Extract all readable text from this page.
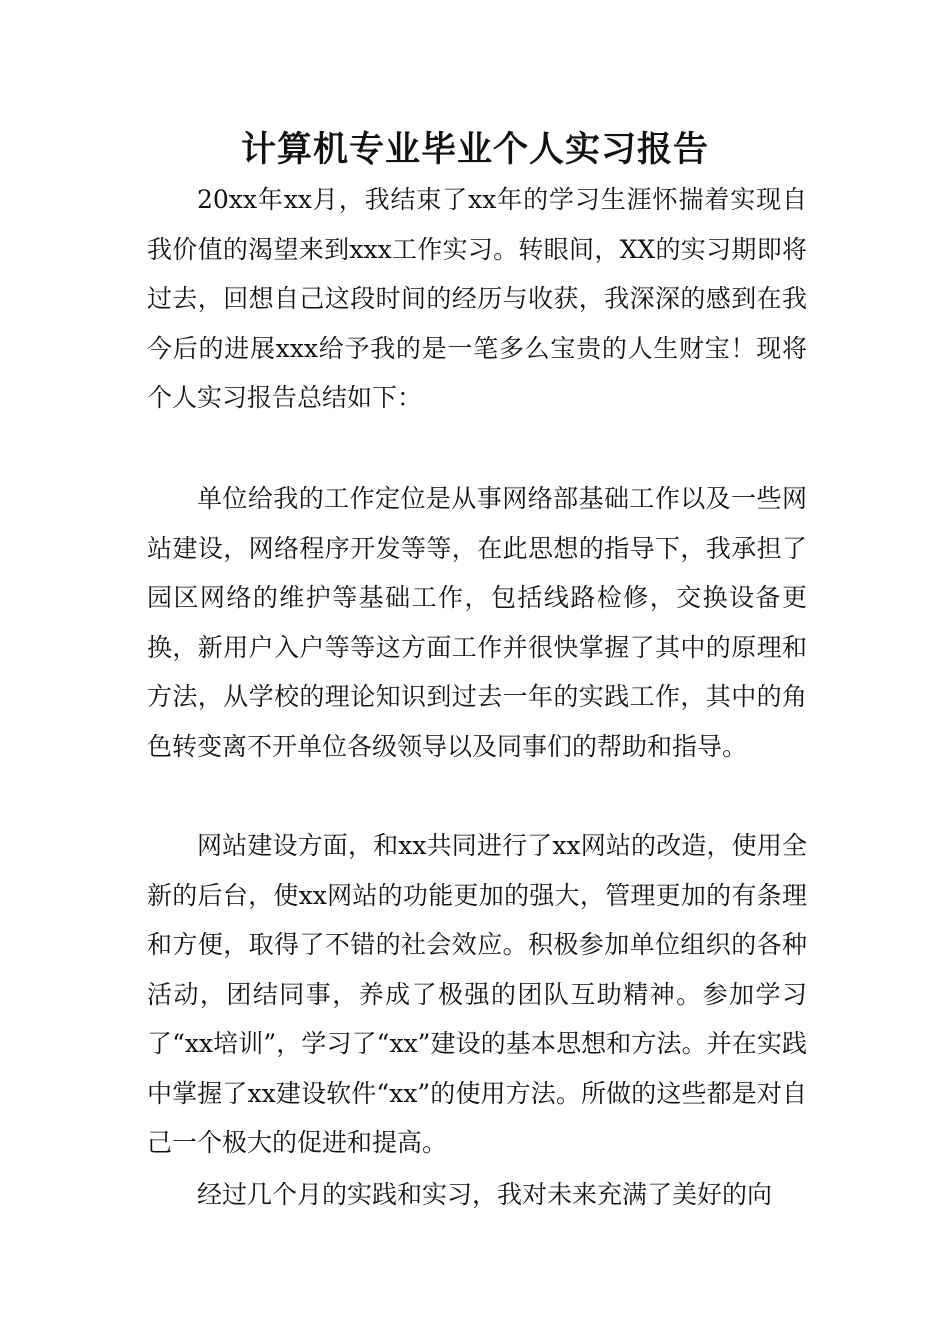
计算机专业毕业个人实习报告

20xx年xx月，我结束了xx年的学习生涯怀揣着实现自我价值的渴望来到xxx工作实习。转眼间，XX的实习期即将过去，回想自己这段时间的经历与收获，我深深的感到在我今后的进展xxx给予我的是一笔多么宝贵的人生财宝！现将个人实习报告总结如下：

单位给我的工作定位是从事网络部基础工作以及一些网站建设，网络程序开发等等，在此思想的指导下，我承担了园区网络的维护等基础工作，包括线路检修，交换设备更换，新用户入户等等这方面工作并很快掌握了其中的原理和方法，从学校的理论知识到过去一年的实践工作，其中的角色转变离不开单位各级领导以及同事们的帮助和指导。

网站建设方面，和xx共同进行了xx网站的改造，使用全新的后台，使xx网站的功能更加的强大，管理更加的有条理和方便，取得了不错的社会效应。积极参加单位组织的各种活动，团结同事，养成了极强的团队互助精神。参加学习了“xx培训”，学习了“xx”建设的基本思想和方法。并在实践中掌握了xx建设软件“xx”的使用方法。所做的这些都是对自己一个极大的促进和提高。

经过几个月的实践和实习，我对未来充满了美好的向
